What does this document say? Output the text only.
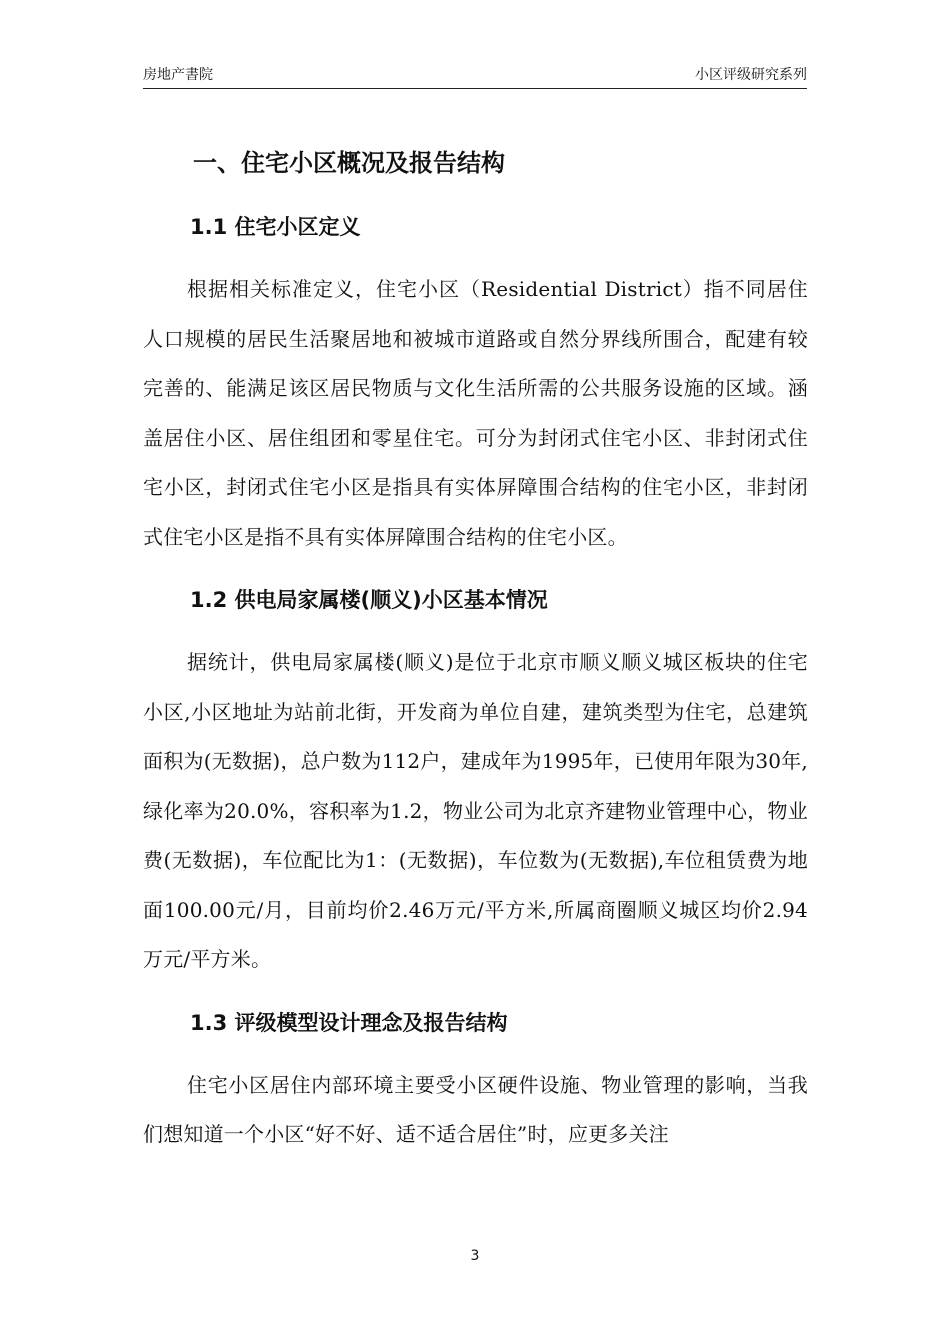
房地产書院	小区评级研究系列
一、住宅小区概况及报告结构
1.1 住宅小区定义

根据相关标准定义，住宅小区（Residential District）指不同居住人口规模的居民生活聚居地和被城市道路或自然分界线所围合，配建有较完善的、能满足该区居民物质与文化生活所需的公共服务设施的区域。涵盖居住小区、居住组团和零星住宅。可分为封闭式住宅小区、非封闭式住宅小区，封闭式住宅小区是指具有实体屏障围合结构的住宅小区，非封闭式住宅小区是指不具有实体屏障围合结构的住宅小区。

1.2 供电局家属楼(顺义)小区基本情况

据统计，供电局家属楼(顺义)是位于北京市顺义顺义城区板块的住宅小区,小区地址为站前北街，开发商为单位自建，建筑类型为住宅，总建筑面积为(无数据)，总户数为112户，建成年为1995年，已使用年限为30年,绿化率为20.0%，容积率为1.2，物业公司为北京齐建物业管理中心，物业费(无数据)，车位配比为1：(无数据)，车位数为(无数据),车位租赁费为地面100.00元/月，目前均价2.46万元/平方米,所属商圈顺义城区均价2.94万元/平方米。

1.3 评级模型设计理念及报告结构

住宅小区居住内部环境主要受小区硬件设施、物业管理的影响，当我们想知道一个小区“好不好、适不适合居住”时，应更多关注

3
